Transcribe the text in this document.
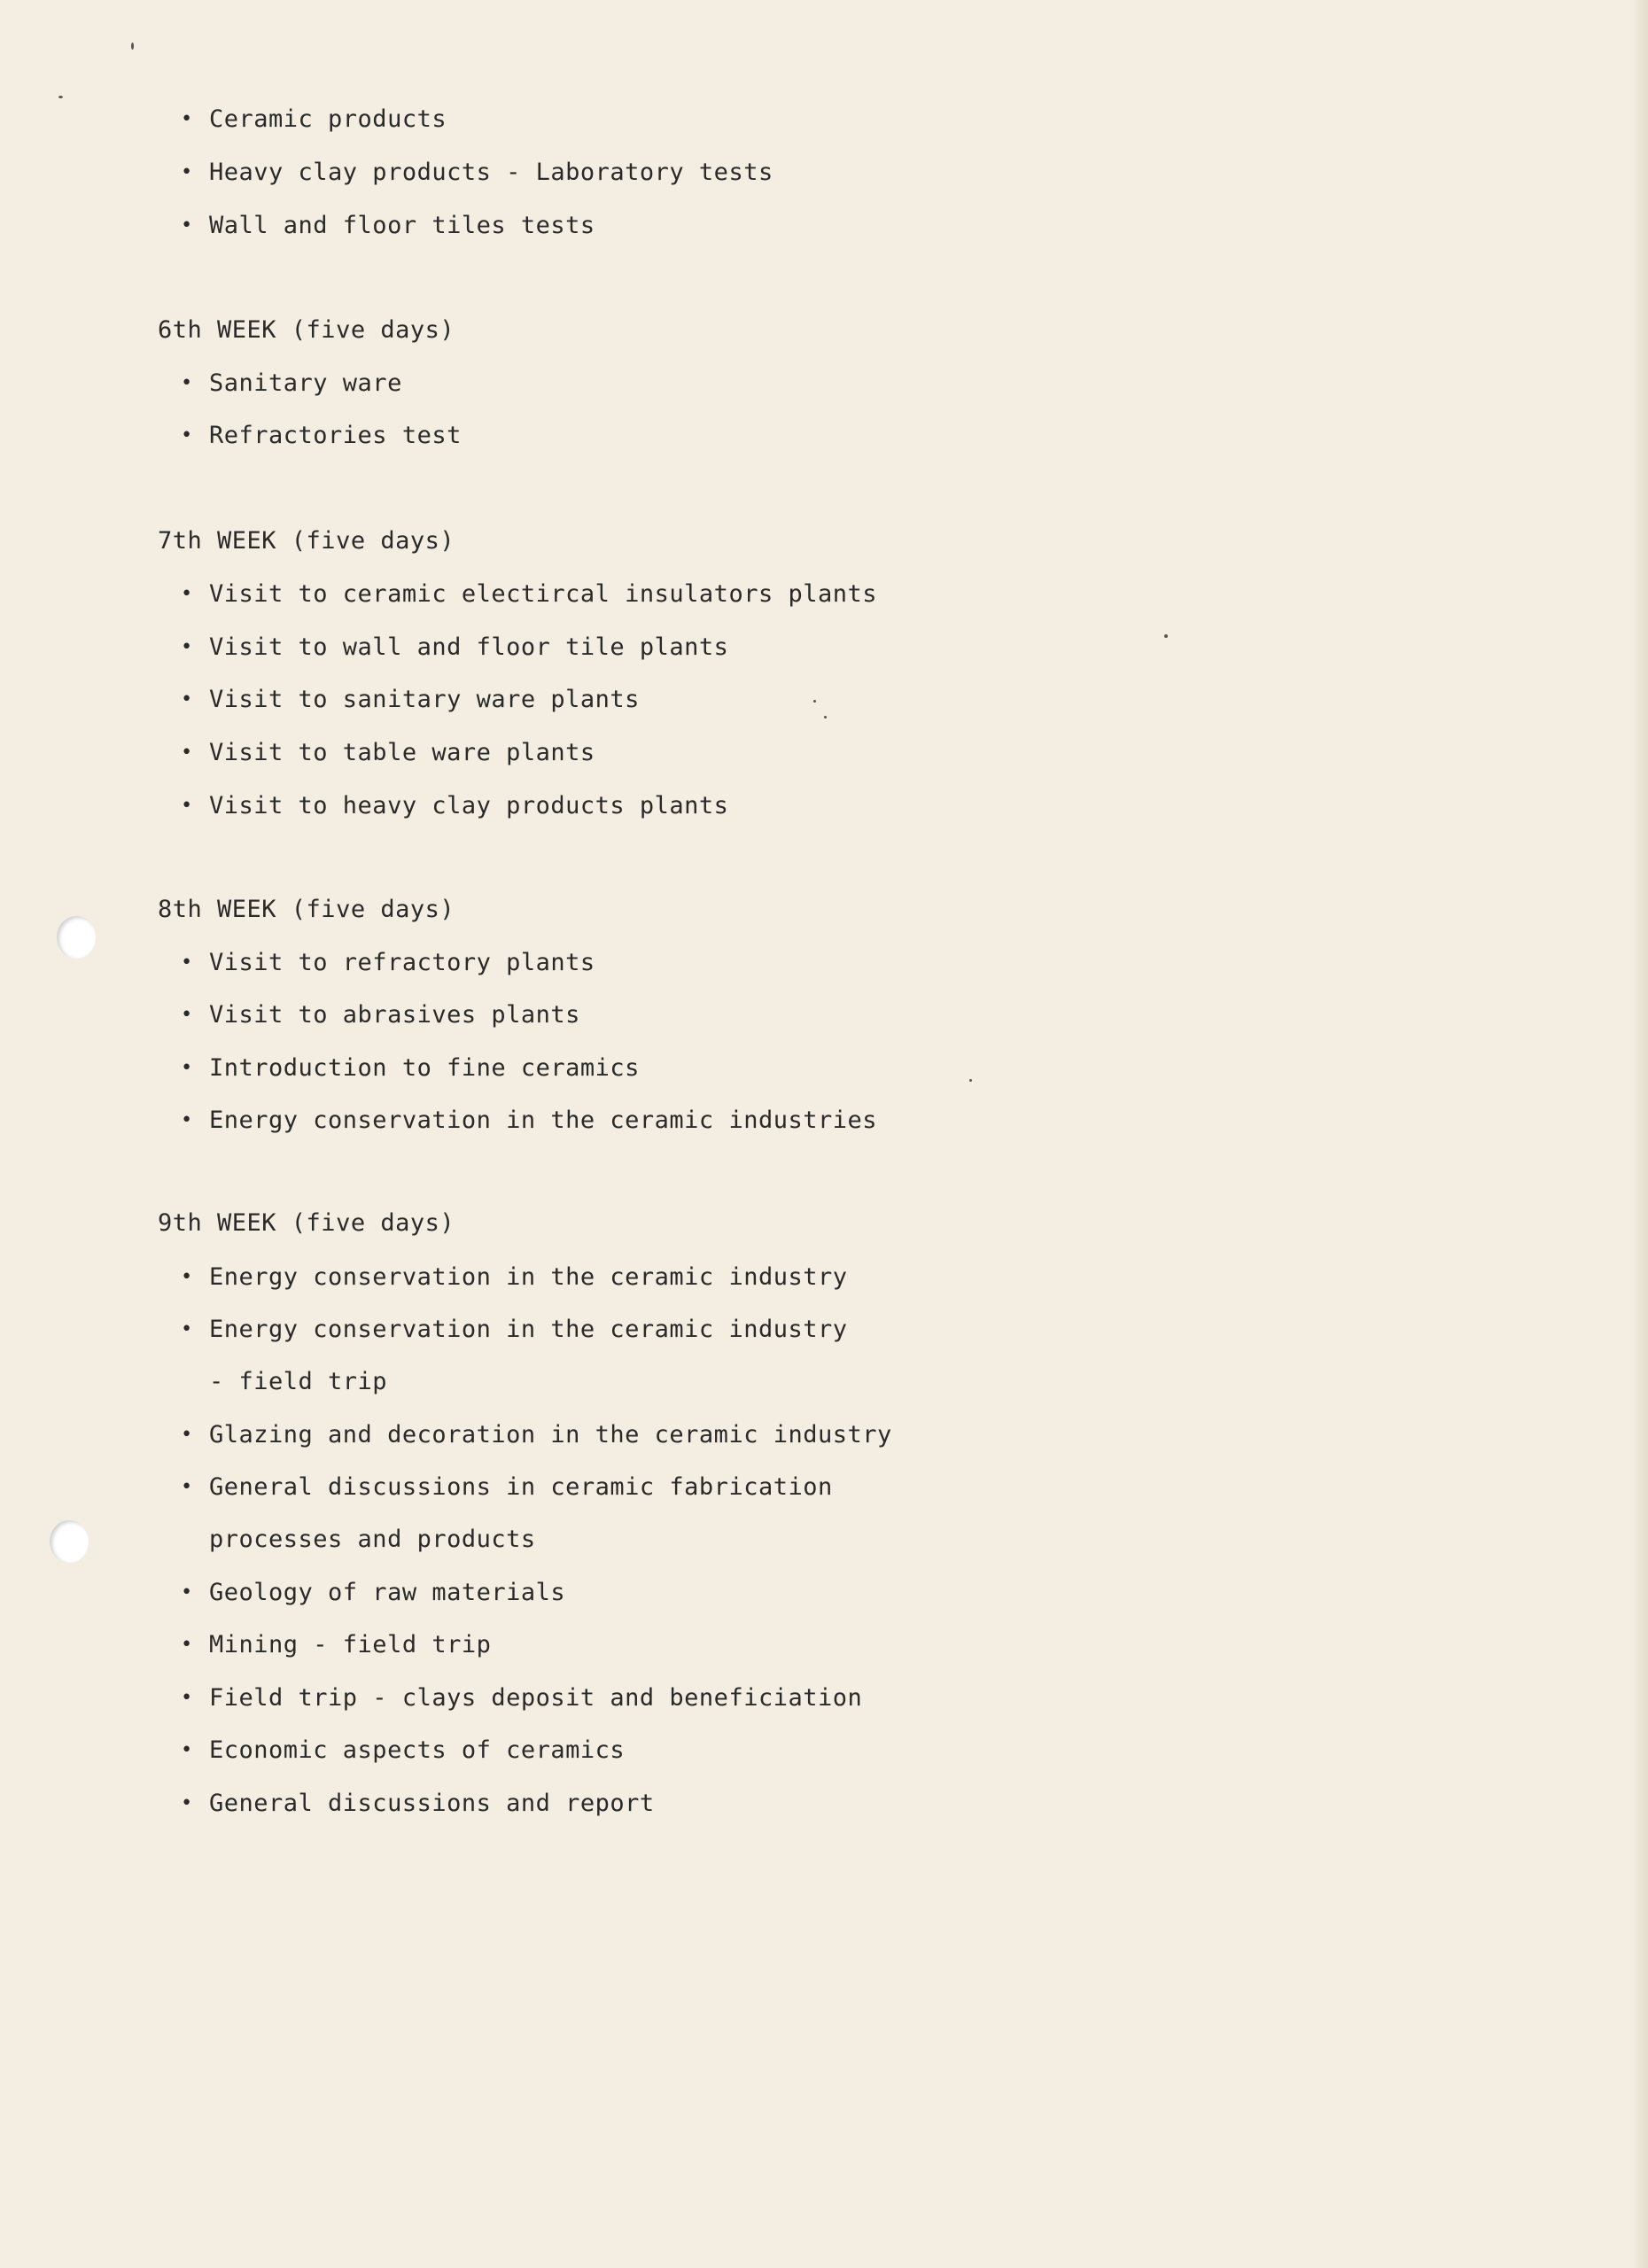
• Ceramic products
• Heavy clay products - Laboratory tests
• Wall and floor tiles tests
6th WEEK (five days)
• Sanitary ware
• Refractories test
7th WEEK (five days)
• Visit to ceramic electircal insulators plants
• Visit to wall and floor tile plants
• Visit to sanitary ware plants
• Visit to table ware plants
• Visit to heavy clay products plants
8th WEEK (five days)
• Visit to refractory plants
• Visit to abrasives plants
• Introduction to fine ceramics
• Energy conservation in the ceramic industries
9th WEEK (five days)
• Energy conservation in the ceramic industry
• Energy conservation in the ceramic industry
- field trip
• Glazing and decoration in the ceramic industry
• General discussions in ceramic fabrication
processes and products
• Geology of raw materials
• Mining - field trip
• Field trip - clays deposit and beneficiation
• Economic aspects of ceramics
• General discussions and report
